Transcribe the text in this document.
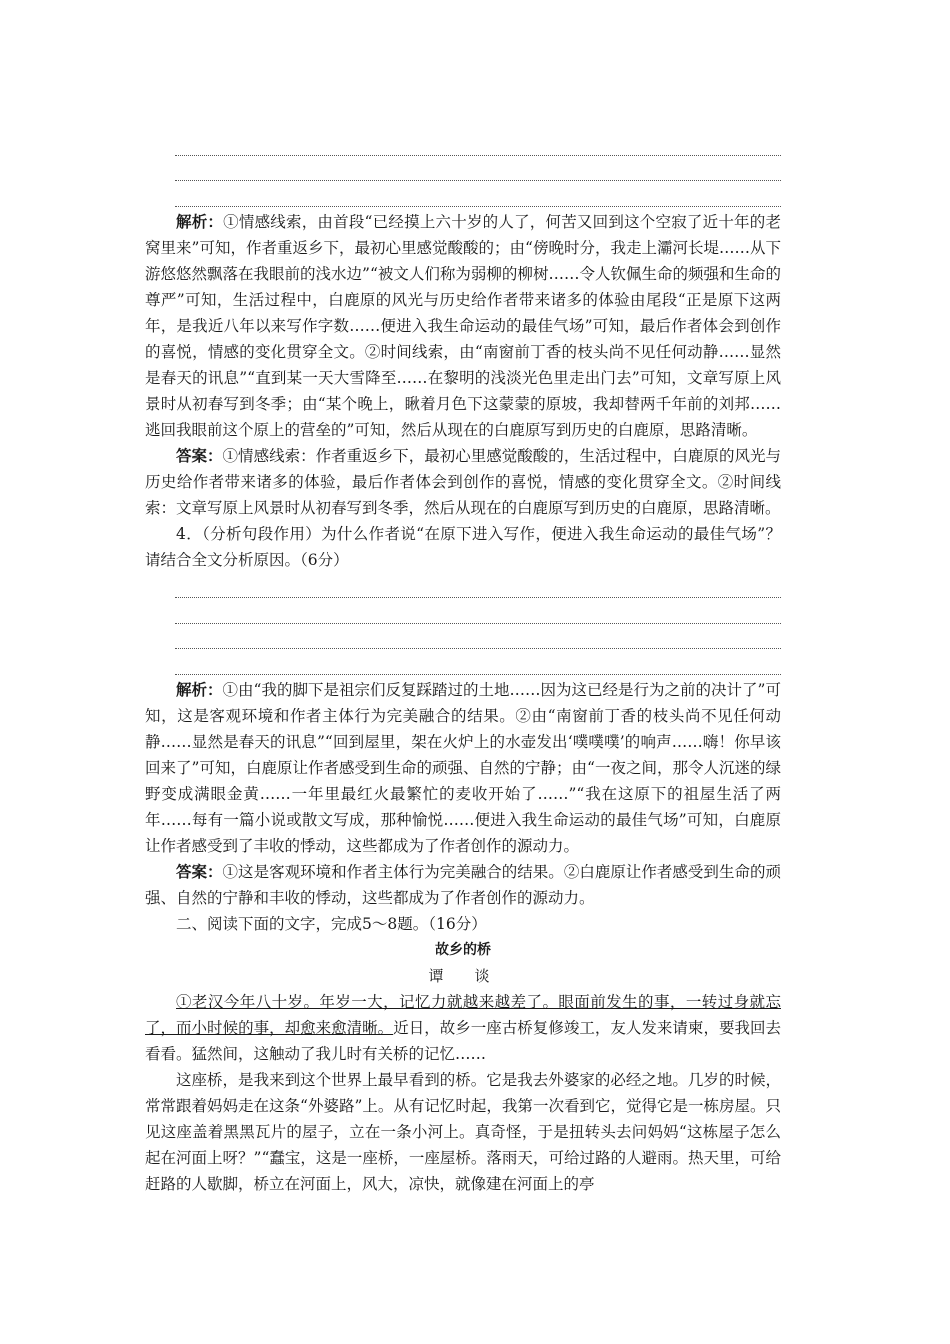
解析：①情感线索，由首段“已经摸上六十岁的人了，何苦又回到这个空寂了近十年的老窝里来”可知，作者重返乡下，最初心里感觉酸酸的；由“傍晚时分，我走上灞河长堤……从下游悠悠然飘落在我眼前的浅水边”“被文人们称为弱柳的柳树……令人钦佩生命的频强和生命的尊严”可知，生活过程中，白鹿原的风光与历史给作者带来诸多的体验由尾段“正是原下这两年，是我近八年以来写作字数……便进入我生命运动的最佳气场”可知，最后作者体会到创作的喜悦，情感的变化贯穿全文。②时间线索，由“南窗前丁香的枝头尚不见任何动静……显然是春天的讯息”“直到某一天大雪降至……在黎明的浅淡光色里走出门去”可知，文章写原上风景时从初春写到冬季；由“某个晚上，瞅着月色下这蒙蒙的原坡，我却替两千年前的刘邦……逃回我眼前这个原上的营垒的”可知，然后从现在的白鹿原写到历史的白鹿原，思路清晰。

答案：①情感线索：作者重返乡下，最初心里感觉酸酸的，生活过程中，白鹿原的风光与历史给作者带来诸多的体验，最后作者体会到创作的喜悦，情感的变化贯穿全文。②时间线索：文章写原上风景时从初春写到冬季，然后从现在的白鹿原写到历史的白鹿原，思路清晰。

4．（分析句段作用）为什么作者说“在原下进入写作，便进入我生命运动的最佳气场”？请结合全文分析原因。（6分）

解析：①由“我的脚下是祖宗们反复踩踏过的土地……因为这已经是行为之前的决计了”可知，这是客观环境和作者主体行为完美融合的结果。②由“南窗前丁香的枝头尚不见任何动静……显然是春天的讯息”“回到屋里，架在火炉上的水壶发出‘噗噗噗’的响声……嗨！你早该回来了”可知，白鹿原让作者感受到生命的顽强、自然的宁静；由“一夜之间，那令人沉迷的绿野变成满眼金黄……一年里最红火最繁忙的麦收开始了……”“我在这原下的祖屋生活了两年……每有一篇小说或散文写成，那种愉悦……便进入我生命运动的最佳气场”可知，白鹿原让作者感受到了丰收的悸动，这些都成为了作者创作的源动力。

答案：①这是客观环境和作者主体行为完美融合的结果。②白鹿原让作者感受到生命的顽强、自然的宁静和丰收的悸动，这些都成为了作者创作的源动力。

二、阅读下面的文字，完成5～8题。（16分）

故乡的桥

谭　谈

①老汉今年八十岁。年岁一大，记忆力就越来越差了。眼面前发生的事，一转过身就忘了，而小时候的事，却愈来愈清晰。近日，故乡一座古桥复修竣工，友人发来请柬，要我回去看看。猛然间，这触动了我儿时有关桥的记忆……

这座桥，是我来到这个世界上最早看到的桥。它是我去外婆家的必经之地。几岁的时候，常常跟着妈妈走在这条“外婆路”上。从有记忆时起，我第一次看到它，觉得它是一栋房屋。只见这座盖着黑黑瓦片的屋子，立在一条小河上。真奇怪，于是扭转头去问妈妈“这栋屋子怎么起在河面上呀？”“蠢宝，这是一座桥，一座屋桥。落雨天，可给过路的人避雨。热天里，可给赶路的人歇脚，桥立在河面上，风大，凉快，就像建在河面上的亭
